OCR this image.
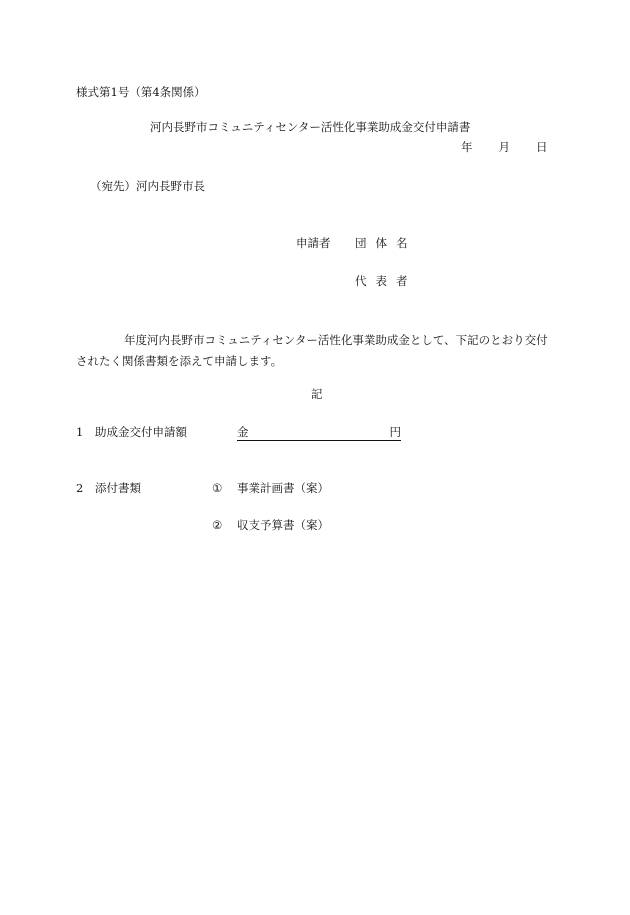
様式第1号（第4条関係）
河内長野市コミュニティセンター活性化事業助成金交付申請書
年 月 日
（宛先）河内長野市長
申請者 団体名
代表者
年度河内長野市コミュニティセンター活性化事業助成金として、下記のとおり交付されたく関係書類を添えて申請します。
記
1 助成金交付申請額	金	円
2 添付書類	① 事業計画書（案）
② 収支予算書（案）
